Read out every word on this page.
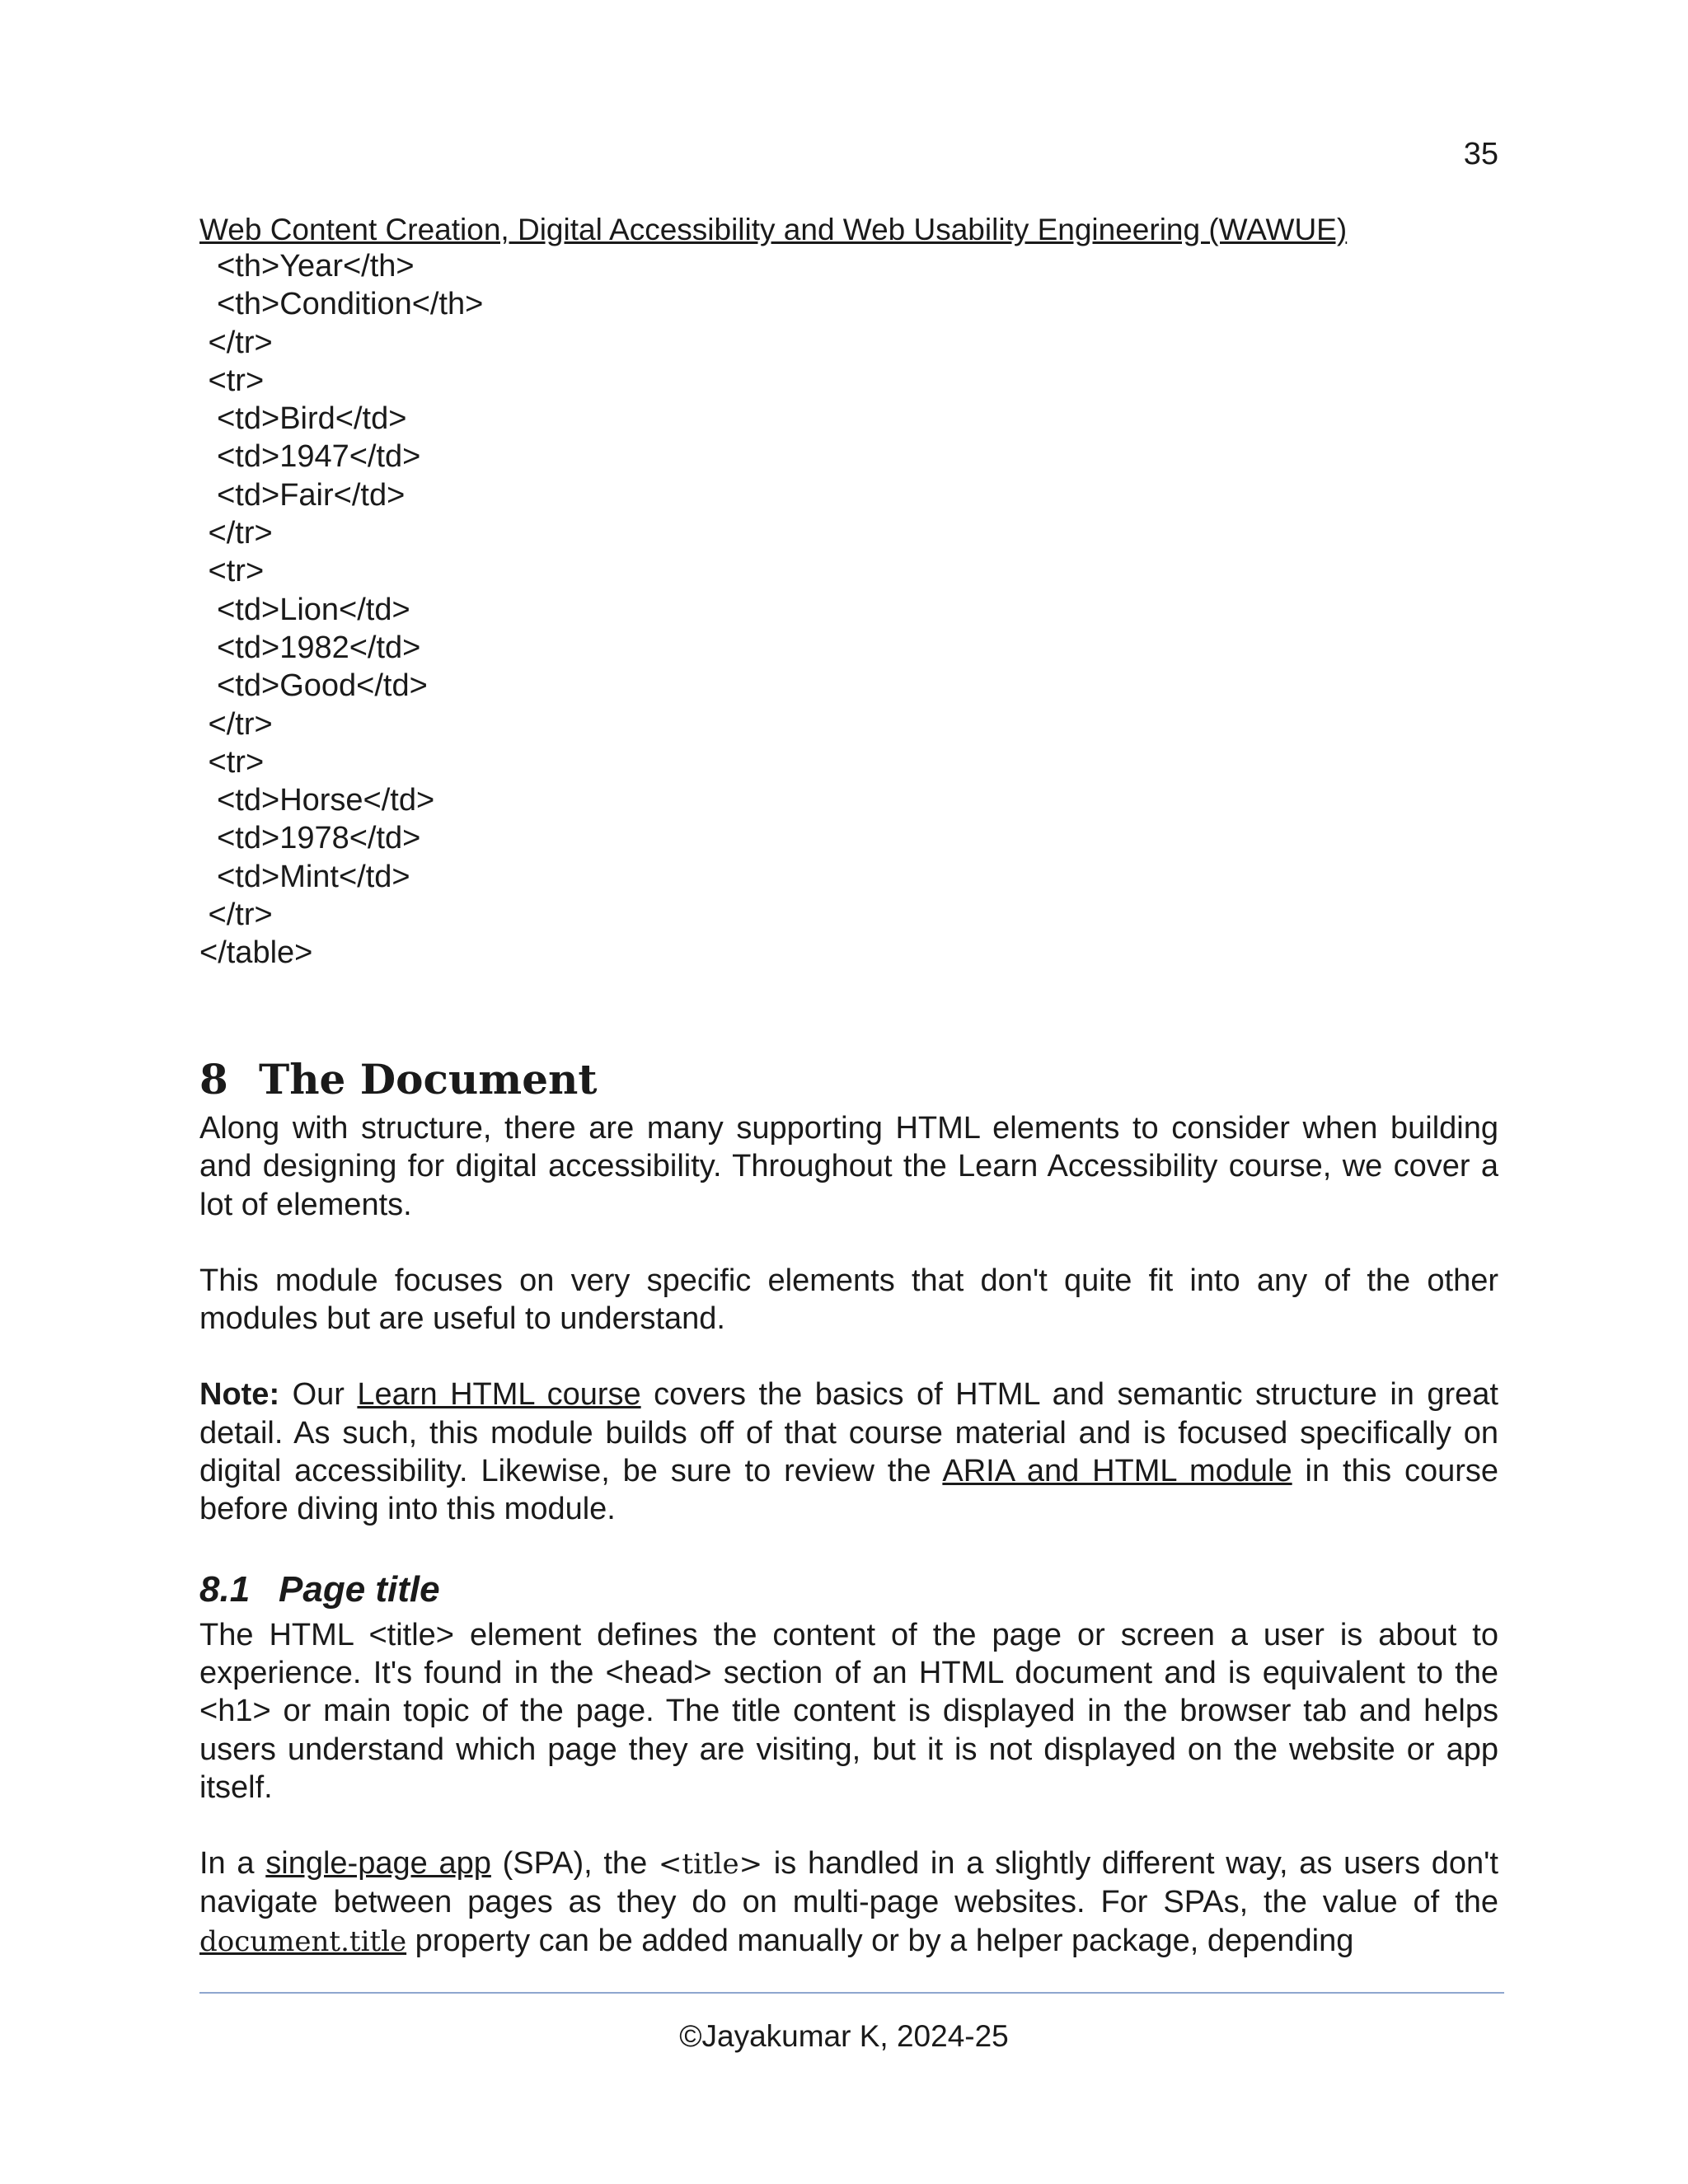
35
Web Content Creation, Digital Accessibility and Web Usability Engineering (WAWUE)
<th>Year</th>
<th>Condition</th>
</tr>
<tr>
<td>Bird</td>
<td>1947</td>
<td>Fair</td>
</tr>
<tr>
<td>Lion</td>
<td>1982</td>
<td>Good</td>
</tr>
<tr>
<td>Horse</td>
<td>1978</td>
<td>Mint</td>
</tr>
</table>
8 The Document

Along with structure, there are many supporting HTML elements to consider when building and designing for digital accessibility. Throughout the Learn Accessibility course, we cover a lot of elements.

This module focuses on very specific elements that don't quite fit into any of the other modules but are useful to understand.

Note: Our Learn HTML course covers the basics of HTML and semantic structure in great detail. As such, this module builds off of that course material and is focused specifically on digital accessibility. Likewise, be sure to review the ARIA and HTML module in this course before diving into this module.

8.1 Page title

The HTML <title> element defines the content of the page or screen a user is about to experience. It's found in the <head> section of an HTML document and is equivalent to the <h1> or main topic of the page. The title content is displayed in the browser tab and helps users understand which page they are visiting, but it is not displayed on the website or app itself.

In a single-page app (SPA), the <title> is handled in a slightly different way, as users don't navigate between pages as they do on multi-page websites. For SPAs, the value of the document.title property can be added manually or by a helper package, depending

©Jayakumar K, 2024-25
